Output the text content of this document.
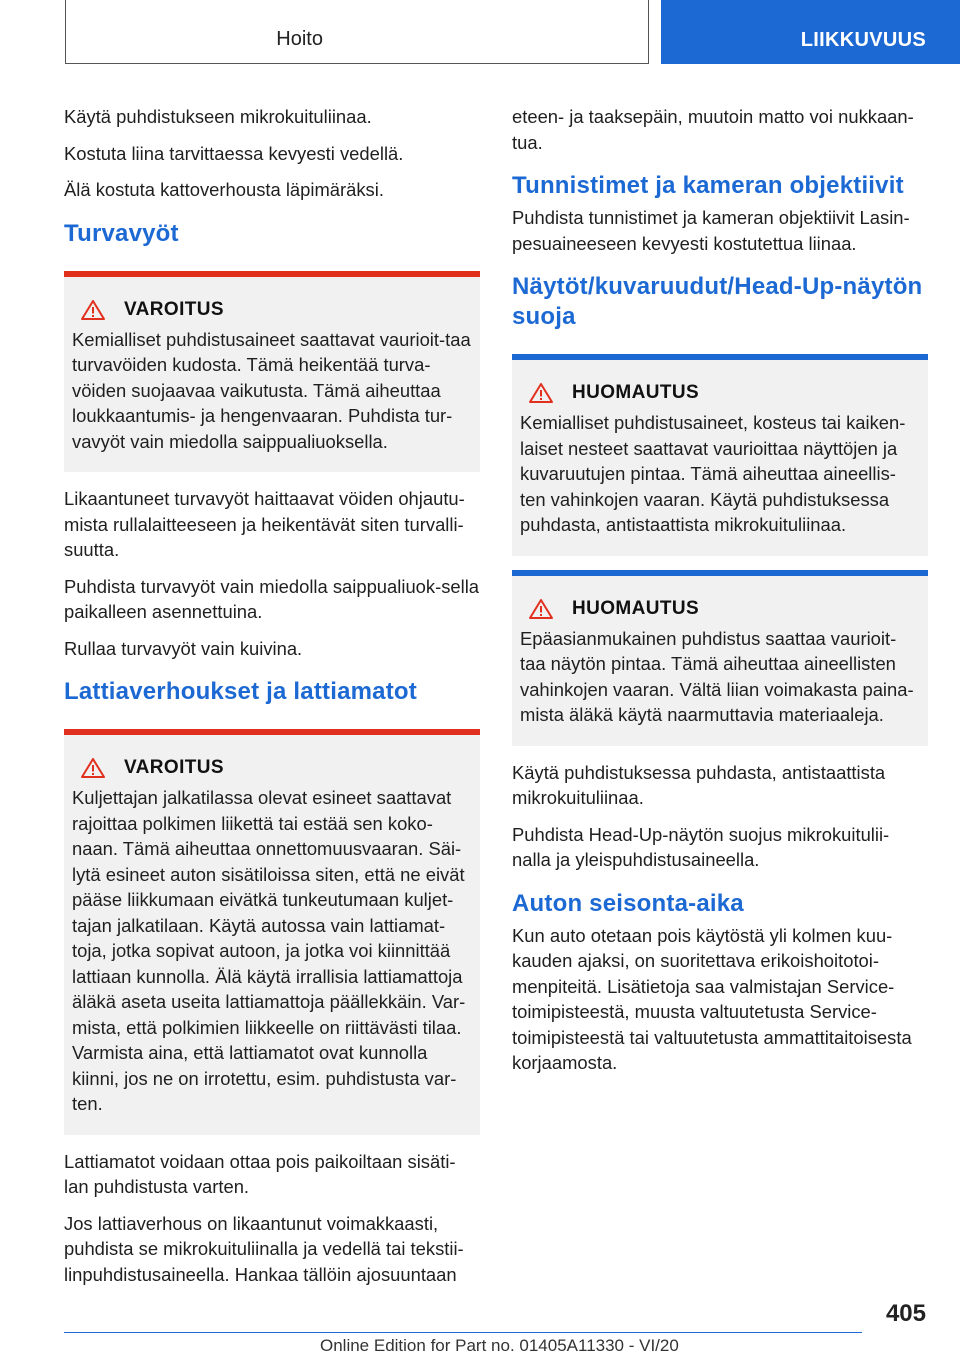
Hoito	LIIKKUVUUS

Käytä puhdistukseen mikrokuituliinaa.

Kostuta liina tarvittaessa kevyesti vedellä.

Älä kostuta kattoverhousta läpimäräksi.

Turvavyöt
VAROITUS

Kemialliset puhdistusaineet saattavat vaurioit‐taa turvavöiden kudosta. Tämä heikentää turva‐vöiden suojaavaa vaikutusta. Tämä aiheuttaa loukkaantumis- ja hengenvaaran. Puhdista tur‐vavyöt vain miedolla saippualiuoksella.

Likaantuneet turvavyöt haittaavat vöiden ohjautu‐mista rullalaitteeseen ja heikentävät siten turvalli‐suutta.

Puhdista turvavyöt vain miedolla saippualiuok‐sella paikalleen asennettuina.

Rullaa turvavyöt vain kuivina.

Lattiaverhoukset ja lattiamatot
VAROITUS

Kuljettajan jalkatilassa olevat esineet saattavat rajoittaa polkimen liikettä tai estää sen koko‐naan. Tämä aiheuttaa onnettomuusvaaran. Säi‐lytä esineet auton sisätiloissa siten, että ne eivät pääse liikkumaan eivätkä tunkeutumaan kuljet‐tajan jalkatilaan. Käytä autossa vain lattiamat‐toja, jotka sopivat autoon, ja jotka voi kiinnittää lattiaan kunnolla. Älä käytä irrallisia lattiamattoja äläkä aseta useita lattiamattoja päällekkäin. Var‐mista, että polkimien liikkeelle on riittävästi tilaa. Varmista aina, että lattiamatot ovat kunnolla kiinni, jos ne on irrotettu, esim. puhdistusta var‐ten.

Lattiamatot voidaan ottaa pois paikoiltaan sisäti‐lan puhdistusta varten.

Jos lattiaverhous on likaantunut voimakkaasti, puhdista se mikrokuituliinalla ja vedellä tai tekstii‐linpuhdistusaineella. Hankaa tällöin ajosuuntaan

eteen- ja taaksepäin, muutoin matto voi nukkaan‐tua.

Tunnistimet ja kameran objektiivit

Puhdista tunnistimet ja kameran objektiivit Lasin‐pesuaineeseen kevyesti kostutettua liinaa.

Näytöt/kuvaruudut/Head-Up-näytön suoja
HUOMAUTUS

Kemialliset puhdistusaineet, kosteus tai kaiken‐laiset nesteet saattavat vaurioittaa näyttöjen ja kuvaruutujen pintaa. Tämä aiheuttaa aineellis‐ten vahinkojen vaaran. Käytä puhdistuksessa puhdasta, antistaattista mikrokuituliinaa.

HUOMAUTUS

Epäasianmukainen puhdistus saattaa vaurioit‐taa näytön pintaa. Tämä aiheuttaa aineellisten vahinkojen vaaran. Vältä liian voimakasta paina‐mista äläkä käytä naarmuttavia materiaaleja.

Käytä puhdistuksessa puhdasta, antistaattista mikrokuituliinaa.

Puhdista Head-Up-näytön suojus mikrokuitulii‐nalla ja yleispuhdistusaineella.

Auton seisonta-aika

Kun auto otetaan pois käytöstä yli kolmen kuu‐kauden ajaksi, on suoritettava erikoishoitotoi‐menpiteitä. Lisätietoja saa valmistajan Service-toimipisteestä, muusta valtuutetusta Service-toimipisteestä tai valtuutetusta ammattitaitoisesta korjaamosta.

405
Online Edition for Part no. 01405A11330 - VI/20
